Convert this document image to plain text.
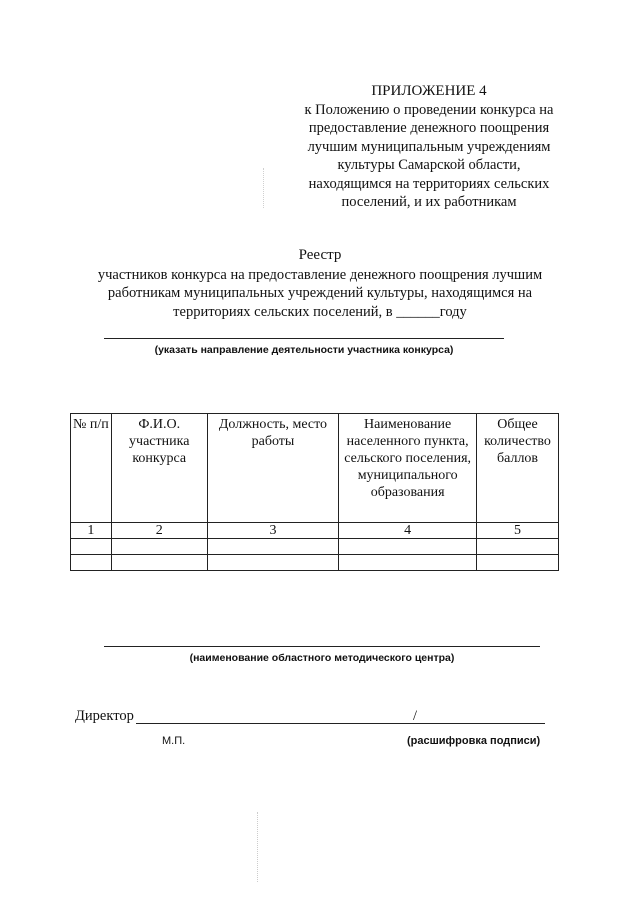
ПРИЛОЖЕНИЕ 4
к Положению о проведении конкурса на
предоставление денежного поощрения
лучшим муниципальным учреждениям
культуры Самарской области,
находящимся на территориях сельских
поселений, и их работникам
Реестр
участников конкурса на предоставление денежного поощрения лучшим
работникам муниципальных учреждений культуры, находящимся на
территориях сельских поселений, в ______году
(указать направление деятельности участника конкурса)
№ п/п	Ф.И.О. участника конкурса	Должность, место работы	Наименование населенного пункта, сельского поселения, муниципального образования	Общее количество баллов
1	2	3	4	5

(наименование областного методического центра)
Директор	/
М.П.	(расшифровка подписи)
